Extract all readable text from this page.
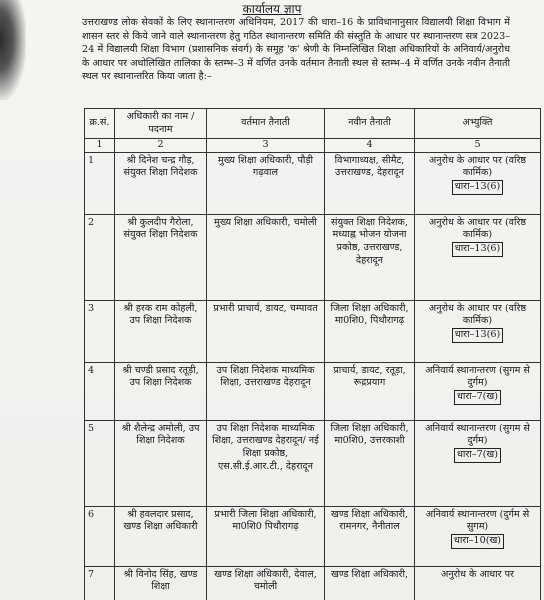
कार्यालय ज्ञाप
उत्तराखण्ड लोक सेवकों के लिए स्थानान्तरण अधिनियम, 2017 की धारा–16 के प्राविधानानुसार विद्यालयी शिक्षा विभाग में शासन स्तर से किये जाने वाले स्थानान्तरण हेतु गठित स्थानान्तरण समिति की संस्तुति के आधार पर स्थानान्तरण सत्र 2023–24 में विद्यालयी शिक्षा विभाग (प्रशासनिक संवर्ग) के समूह 'क' श्रेणी के निम्नलिखित शिक्षा अधिकारियों के अनिवार्य/अनुरोध के आधार पर अधोलिखित तालिका के स्तम्भ–3 में वर्णित उनके वर्तमान तैनाती स्थल से स्तम्भ–4 में वर्णित उनके नवीन तैनाती स्थल पर स्थानान्तरित किया जाता है:–
क्र.सं.	अधिकारी का नाम /पदनाम	वर्तमान तैनाती	नवीन तैनाती	अभ्युक्ति
1	2	3	4	5
1	श्री दिनेश चन्द्र गौड़, संयुक्त शिक्षा निदेशक	मुख्य शिक्षा अधिकारी, पौड़ी गढ़वाल	विभागाध्यक्ष, सीमैट, उत्तराखण्ड, देहरादून	अनुरोध के आधार पर (वरिष्ठ कार्मिक)
धारा–13(6)

2	श्री कुलदीप गैरोला, संयुक्त शिक्षा निदेशक	मुख्य शिक्षा अधिकारी, चमोली	संयुक्त शिक्षा निदेशक, मध्याह्न भोजन योजना प्रकोष्ठ, उत्तराखण्ड, देहरादून	अनुरोध के आधार पर (वरिष्ठ कार्मिक)
धारा–13(6)

3	श्री हरक राम कोहली, उप शिक्षा निदेशक	प्रभारी प्राचार्य, डायट, चम्पावत	जिला शिक्षा अधिकारी, मा0शि0, पिथौरागढ़	अनुरोध के आधार पर (वरिष्ठ कार्मिक)
धारा–13(6)

4	श्री चण्डी प्रसाद रतूड़ी, उप शिक्षा निदेशक	उप शिक्षा निदेशक माध्यमिक शिक्षा, उत्तराखण्ड देहरादून	प्राचार्य, डायट, रतूड़ा, रूद्रप्रयाग	अनिवार्य स्थानान्तरण (सुगम से दुर्गम)
धारा–7(ख)

5	श्री शैलेन्द्र अमोली, उप शिक्षा निदेशक	उप शिक्षा निदेशक माध्यमिक शिक्षा, उत्तराखण्ड देहरादून/ नई शिक्षा प्रकोष्ठ, एस.सी.ई.आर.टी., देहरादून	जिला शिक्षा अधिकारी, मा0शि0, उत्तरकाशी	अनिवार्य स्थानान्तरण (सुगम से दुर्गम)
धारा–7(ख)

6	श्री हवलदार प्रसाद, खण्ड शिक्षा अधिकारी	प्रभारी जिला शिक्षा अधिकारी, मा0शि0 पिथौरागढ़	खण्ड शिक्षा अधिकारी, रामनगर, नैनीताल	अनिवार्य स्थानान्तरण (दुर्गम से सुगम)
धारा–10(ख)

7	श्री विनोद सिंह, खण्ड शिक्षा	खण्ड शिक्षा अधिकारी, देवाल, चमोली	खण्ड शिक्षा अधिकारी,	अनुरोध के आधार पर
